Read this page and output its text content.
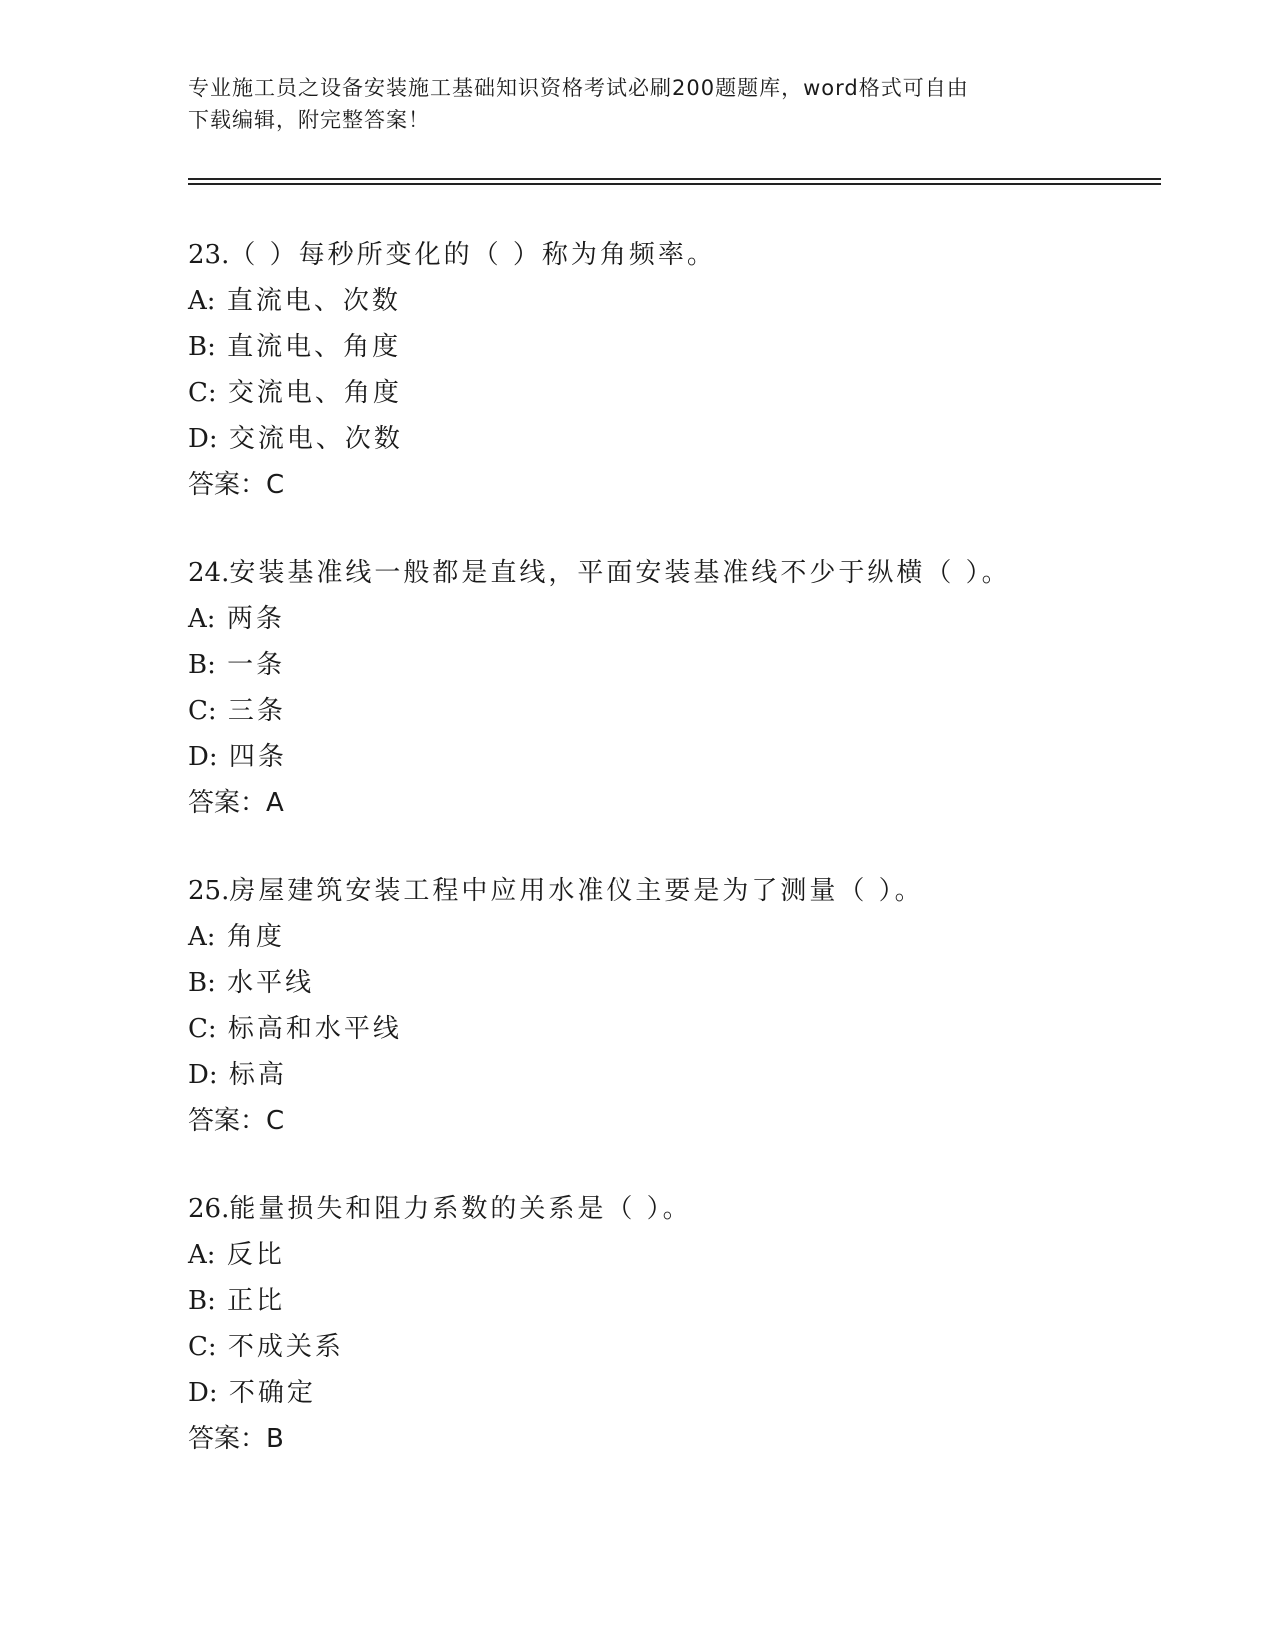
专业施工员之设备安装施工基础知识资格考试必刷200题题库，word格式可自由
下载编辑，附完整答案！
23.（ ）每秒所变化的（ ）称为角频率。
A: 直流电、次数
B: 直流电、角度
C: 交流电、角度
D: 交流电、次数
答案：C
24.安装基准线一般都是直线，平面安装基准线不少于纵横（ ）。
A: 两条
B: 一条
C: 三条
D: 四条
答案：A
25.房屋建筑安装工程中应用水准仪主要是为了测量（ ）。
A: 角度
B: 水平线
C: 标高和水平线
D: 标高
答案：C
26.能量损失和阻力系数的关系是（ ）。
A: 反比
B: 正比
C: 不成关系
D: 不确定
答案：B
